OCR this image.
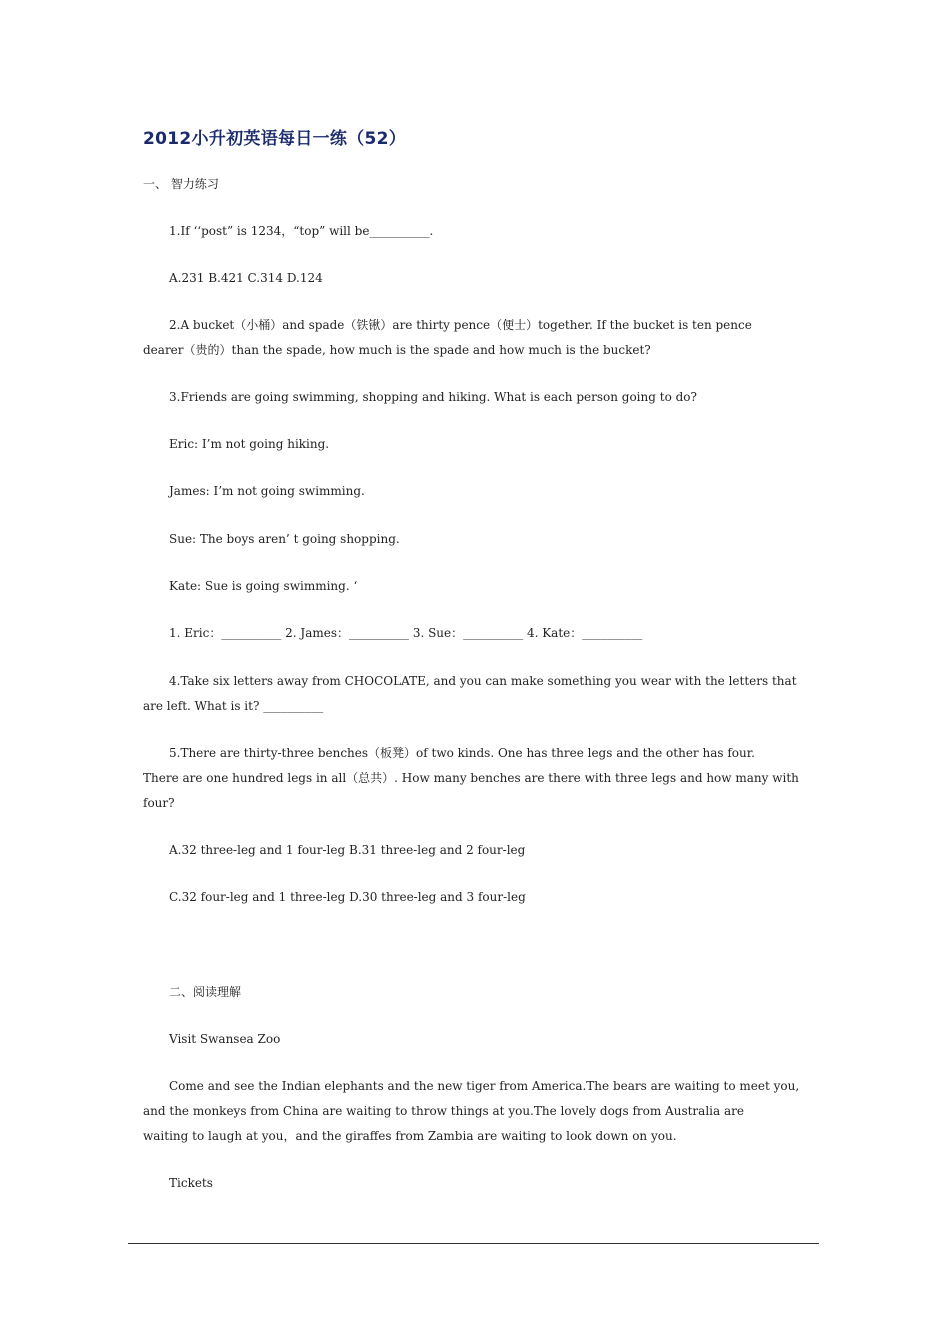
2012小升初英语每日一练（52）
一、 智力练习
1.If ‘‘post” is 1234，“top” will be__________.
A.231 B.421 C.314 D.124
2.A bucket（小桶）and spade（铁锹）are thirty pence（便士）together. If the bucket is ten pence
dearer（贵的）than the spade, how much is the spade and how much is the bucket?
3.Friends are going swimming, shopping and hiking. What is each person going to do?
Eric: I’m not going hiking.
James: I’m not going swimming.
Sue: The boys aren’ t going shopping.
Kate: Sue is going swimming. ‘
1. Eric：__________ 2. James：__________ 3. Sue：__________ 4. Kate：__________
4.Take six letters away from CHOCOLATE, and you can make something you wear with the letters that
are left. What is it? __________
5.There are thirty-three benches（板凳）of two kinds. One has three legs and the other has four.
There are one hundred legs in all（总共）. How many benches are there with three legs and how many with
four?
A.32 three-leg and 1 four-leg B.31 three-leg and 2 four-leg
C.32 four-leg and 1 three-leg D.30 three-leg and 3 four-leg
二、阅读理解
Visit Swansea Zoo
Come and see the Indian elephants and the new tiger from America.The bears are waiting to meet you,
and the monkeys from China are waiting to throw things at you.The lovely dogs from Australia are
waiting to laugh at you，and the giraffes from Zambia are waiting to look down on you.
Tickets
